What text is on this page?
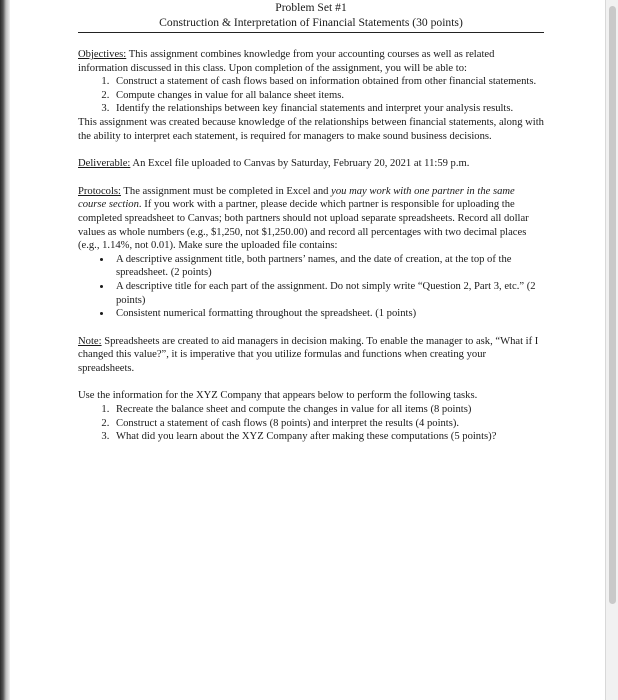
Problem Set #1
Construction & Interpretation of Financial Statements (30 points)

Objectives: This assignment combines knowledge from your accounting courses as well as related information discussed in this class. Upon completion of the assignment, you will be able to:

1. Construct a statement of cash flows based on information obtained from other financial statements.
2. Compute changes in value for all balance sheet items.
3. Identify the relationships between key financial statements and interpret your analysis results.

This assignment was created because knowledge of the relationships between financial statements, along with the ability to interpret each statement, is required for managers to make sound business decisions.

Deliverable: An Excel file uploaded to Canvas by Saturday, February 20, 2021 at 11:59 p.m.

Protocols: The assignment must be completed in Excel and you may work with one partner in the same course section. If you work with a partner, please decide which partner is responsible for uploading the completed spreadsheet to Canvas; both partners should not upload separate spreadsheets. Record all dollar values as whole numbers (e.g., $1,250, not $1,250.00) and record all percentages with two decimal places (e.g., 1.14%, not 0.01). Make sure the uploaded file contains:

• A descriptive assignment title, both partners’ names, and the date of creation, at the top of the spreadsheet. (2 points)
• A descriptive title for each part of the assignment. Do not simply write “Question 2, Part 3, etc.” (2 points)
• Consistent numerical formatting throughout the spreadsheet. (1 points)

Note: Spreadsheets are created to aid managers in decision making. To enable the manager to ask, “What if I changed this value?”, it is imperative that you utilize formulas and functions when creating your spreadsheets.

Use the information for the XYZ Company that appears below to perform the following tasks.

1. Recreate the balance sheet and compute the changes in value for all items (8 points)
2. Construct a statement of cash flows (8 points) and interpret the results (4 points).
3. What did you learn about the XYZ Company after making these computations (5 points)?
